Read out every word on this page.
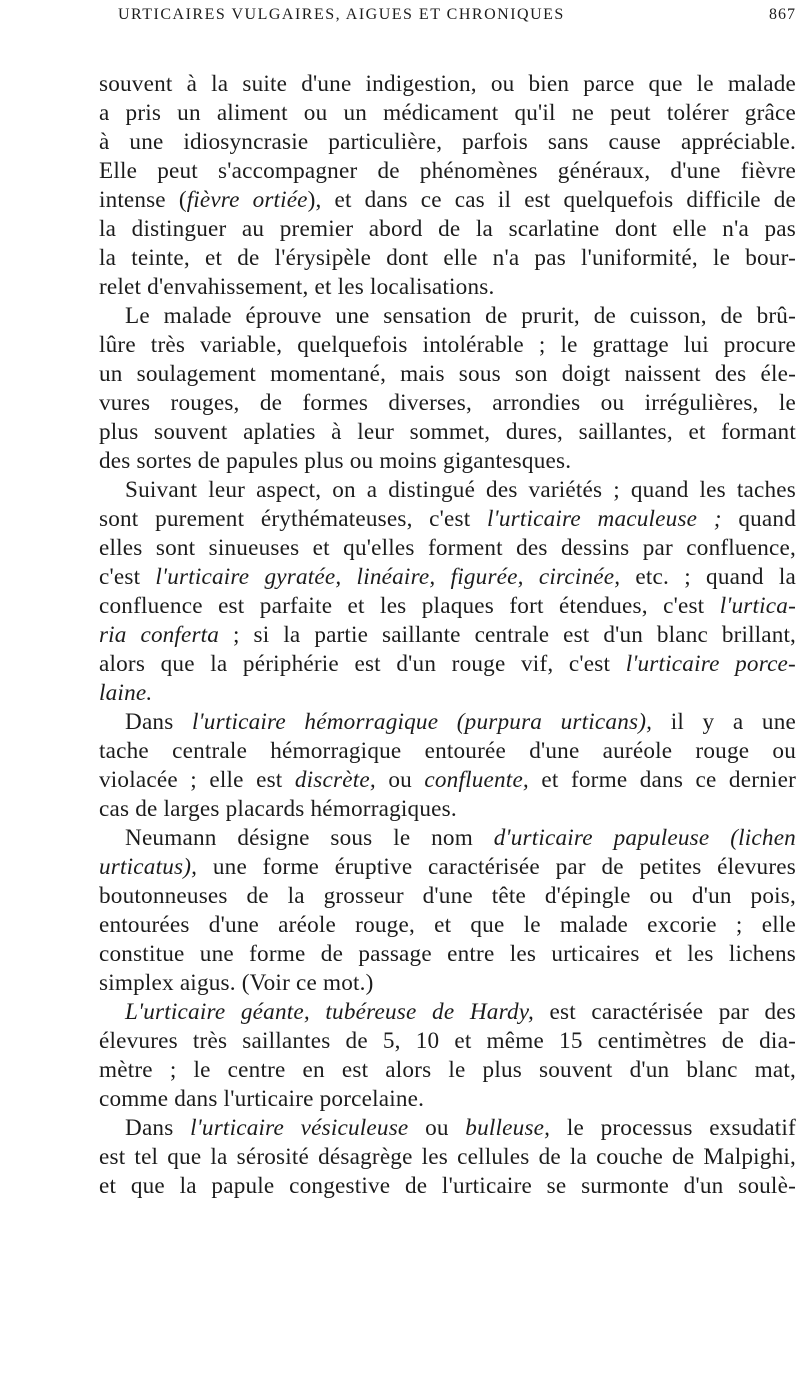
URTICAIRES VULGAIRES, AIGUES ET CHRONIQUES	867
souvent à la suite d'une indigestion, ou bien parce que le malade
a pris un aliment ou un médicament qu'il ne peut tolérer grâce
à une idiosyncrasie particulière, parfois sans cause appréciable.
Elle peut s'accompagner de phénomènes généraux, d'une fièvre
intense (fièvre ortiée), et dans ce cas il est quelquefois difficile de
la distinguer au premier abord de la scarlatine dont elle n'a pas
la teinte, et de l'érysipèle dont elle n'a pas l'uniformité, le bour-
relet d'envahissement, et les localisations.
Le malade éprouve une sensation de prurit, de cuisson, de brû-
lûre très variable, quelquefois intolérable ; le grattage lui procure
un soulagement momentané, mais sous son doigt naissent des éle-
vures rouges, de formes diverses, arrondies ou irrégulières, le
plus souvent aplaties à leur sommet, dures, saillantes, et formant
des sortes de papules plus ou moins gigantesques.
Suivant leur aspect, on a distingué des variétés ; quand les taches
sont purement érythémateuses, c'est l'urticaire maculeuse ; quand
elles sont sinueuses et qu'elles forment des dessins par confluence,
c'est l'urticaire gyratée, linéaire, figurée, circinée, etc. ; quand la
confluence est parfaite et les plaques fort étendues, c'est l'urtica-
ria conferta ; si la partie saillante centrale est d'un blanc brillant,
alors que la périphérie est d'un rouge vif, c'est l'urticaire porce-
laine.
Dans l'urticaire hémorragique (purpura urticans), il y a une
tache centrale hémorragique entourée d'une auréole rouge ou
violacée ; elle est discrète, ou confluente, et forme dans ce dernier
cas de larges placards hémorragiques.
Neumann désigne sous le nom d'urticaire papuleuse (lichen
urticatus), une forme éruptive caractérisée par de petites élevures
boutonneuses de la grosseur d'une tête d'épingle ou d'un pois,
entourées d'une aréole rouge, et que le malade excorie ; elle
constitue une forme de passage entre les urticaires et les lichens
simplex aigus. (Voir ce mot.)
L'urticaire géante, tubéreuse de Hardy, est caractérisée par des
élevures très saillantes de 5, 10 et même 15 centimètres de dia-
mètre ; le centre en est alors le plus souvent d'un blanc mat,
comme dans l'urticaire porcelaine.
Dans l'urticaire vésiculeuse ou bulleuse, le processus exsudatif
est tel que la sérosité désagrège les cellules de la couche de Malpighi,
et que la papule congestive de l'urticaire se surmonte d'un soulè-
